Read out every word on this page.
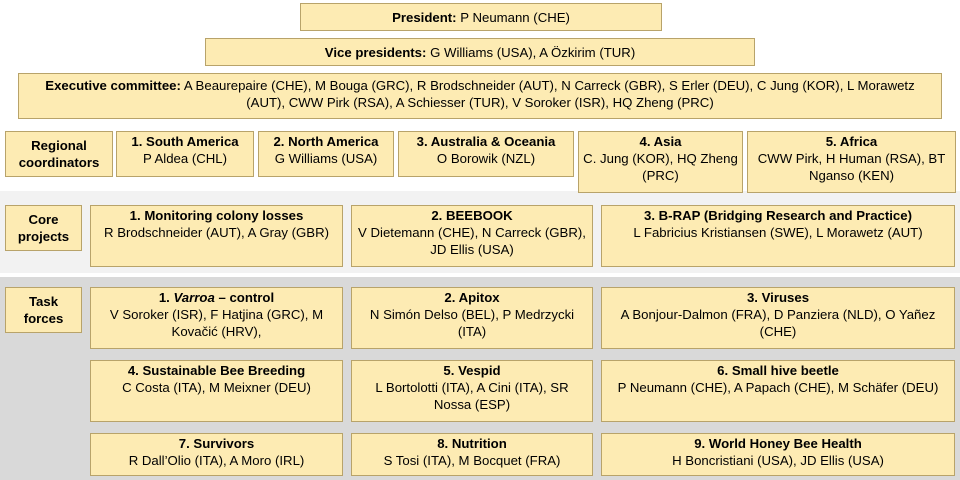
President: P Neumann (CHE)
Vice presidents: G Williams (USA), A Özkirim (TUR)
Executive committee: A Beaurepaire (CHE), M Bouga (GRC), R Brodschneider (AUT), N Carreck (GBR), S Erler (DEU), C Jung (KOR), L Morawetz (AUT), CWW Pirk (RSA), A Schiesser (TUR), V Soroker (ISR), HQ Zheng (PRC)
Regional coordinators
1. South America
P Aldea (CHL)
2. North America
G Williams (USA)
3. Australia & Oceania
O Borowik (NZL)
4. Asia
C. Jung (KOR), HQ Zheng (PRC)
5. Africa
CWW Pirk, H Human (RSA), BT Nganso (KEN)
Core projects
1. Monitoring colony losses
R Brodschneider (AUT), A Gray (GBR)
2. BEEBOOK
V Dietemann (CHE), N Carreck (GBR), JD Ellis (USA)
3. B-RAP (Bridging Research and Practice)
L Fabricius Kristiansen (SWE), L Morawetz (AUT)
Task forces
1. Varroa – control
V Soroker (ISR), F Hatjina (GRC), M Kovačić (HRV),
2. Apitox
N Simón Delso (BEL), P Medrzycki (ITA)
3. Viruses
A Bonjour-Dalmon (FRA), D Panziera (NLD), O Yañez (CHE)
4. Sustainable Bee Breeding
C Costa (ITA), M Meixner (DEU)
5. Vespid
L Bortolotti (ITA), A Cini (ITA), SR Nossa (ESP)
6. Small hive beetle
P Neumann (CHE), A Papach (CHE), M Schäfer (DEU)
7. Survivors
R Dall’Olio (ITA), A Moro (IRL)
8. Nutrition
S Tosi (ITA), M Bocquet (FRA)
9. World Honey Bee Health
H Boncristiani (USA), JD Ellis (USA)
